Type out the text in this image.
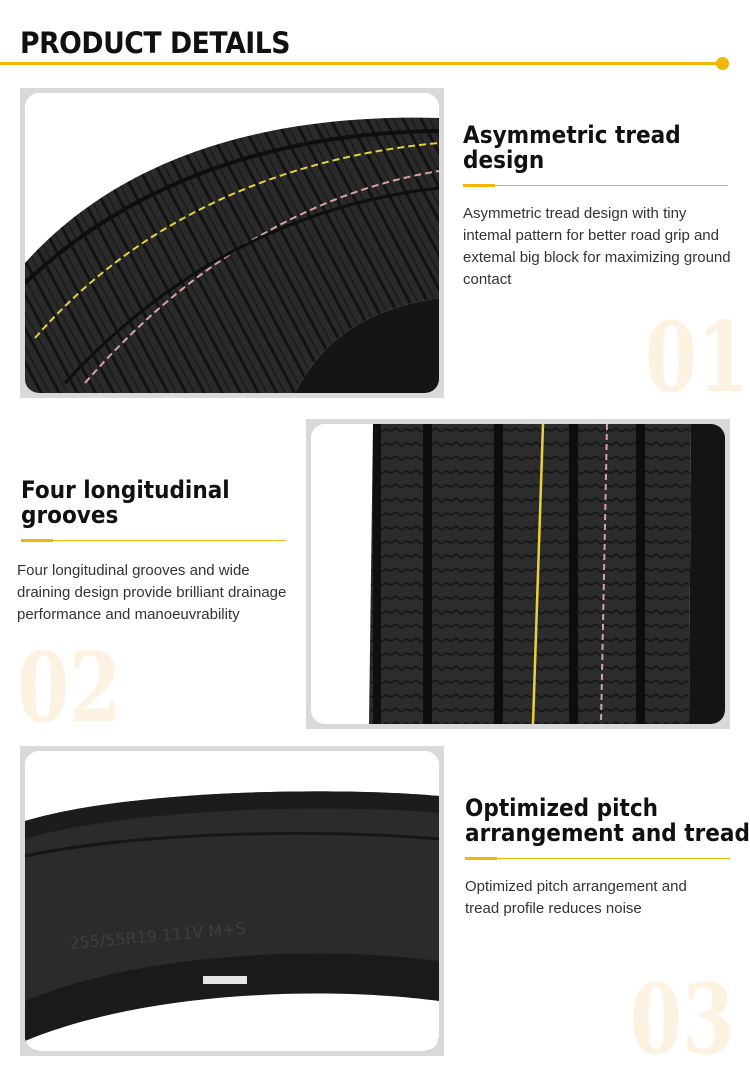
PRODUCT DETAILS
Asymmetric tread
design
Asymmetric tread design with tiny intemal pattern for better road grip and extemal big block for maximizing ground contact
01
Four longitudinal
grooves
Four longitudinal grooves and wide draining design provide brilliant drainage performance and manoeuvrability
02
255/55R19 111V M+S
Optimized pitch
arrangement and tread
Optimized pitch arrangement and
tread profile reduces noise
03
